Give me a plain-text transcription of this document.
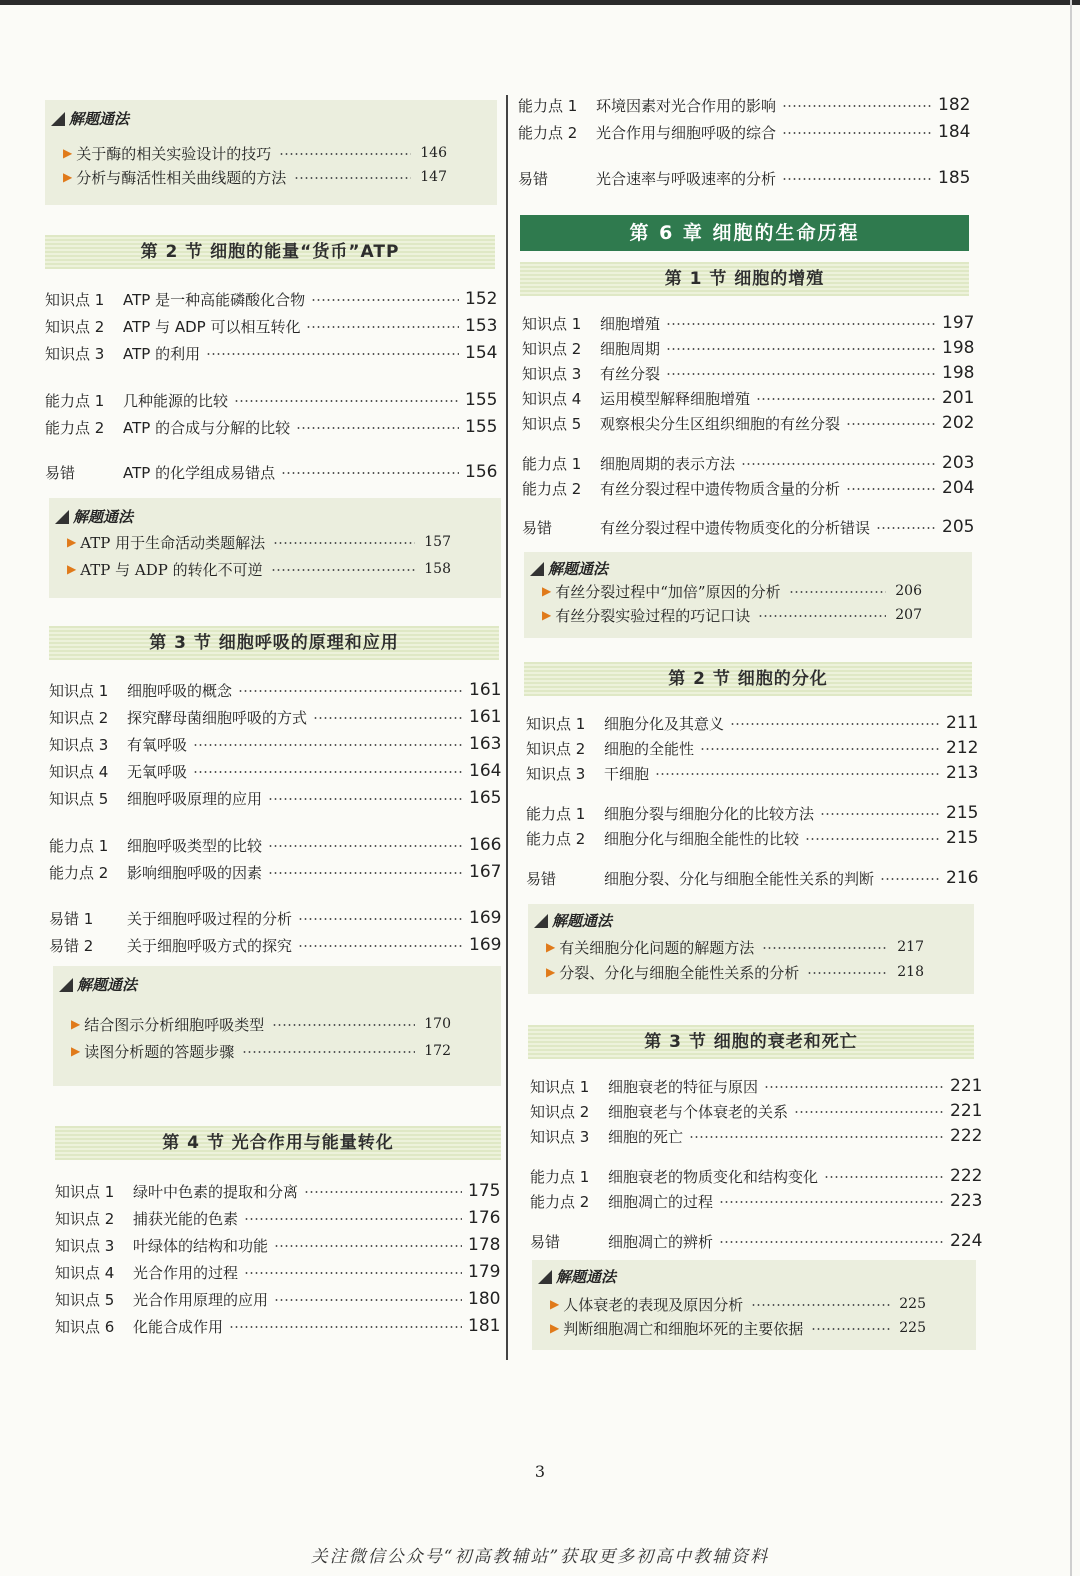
解题通法
▶ 关于酶的相关实验设计的技巧	146
▶ 分析与酶活性相关曲线题的方法	147
第 2 节 细胞的能量“货币”ATP
知识点 1	ATP 是一种高能磷酸化合物	152
知识点 2	ATP 与 ADP 可以相互转化	153
知识点 3	ATP 的利用	154
能力点 1	几种能源的比较	155
能力点 2	ATP 的合成与分解的比较	155
易错	ATP 的化学组成易错点	156
解题通法
▶ ATP 用于生命活动类题解法	157
▶ ATP 与 ADP 的转化不可逆	158
第 3 节 细胞呼吸的原理和应用
知识点 1	细胞呼吸的概念	161
知识点 2	探究酵母菌细胞呼吸的方式	161
知识点 3	有氧呼吸	163
知识点 4	无氧呼吸	164
知识点 5	细胞呼吸原理的应用	165
能力点 1	细胞呼吸类型的比较	166
能力点 2	影响细胞呼吸的因素	167
易错 1	关于细胞呼吸过程的分析	169
易错 2	关于细胞呼吸方式的探究	169
解题通法
▶ 结合图示分析细胞呼吸类型	170
▶ 读图分析题的答题步骤	172
第 4 节 光合作用与能量转化
知识点 1	绿叶中色素的提取和分离	175
知识点 2	捕获光能的色素	176
知识点 3	叶绿体的结构和功能	178
知识点 4	光合作用的过程	179
知识点 5	光合作用原理的应用	180
知识点 6	化能合成作用	181
能力点 1	环境因素对光合作用的影响	182
能力点 2	光合作用与细胞呼吸的综合	184
易错	光合速率与呼吸速率的分析	185
第 6 章 细胞的生命历程
第 1 节 细胞的增殖
知识点 1	细胞增殖	197
知识点 2	细胞周期	198
知识点 3	有丝分裂	198
知识点 4	运用模型解释细胞增殖	201
知识点 5	观察根尖分生区组织细胞的有丝分裂	202
能力点 1	细胞周期的表示方法	203
能力点 2	有丝分裂过程中遗传物质含量的分析	204
易错	有丝分裂过程中遗传物质变化的分析错误	205
解题通法
▶ 有丝分裂过程中“加倍”原因的分析	206
▶ 有丝分裂实验过程的巧记口诀	207
第 2 节 细胞的分化
知识点 1	细胞分化及其意义	211
知识点 2	细胞的全能性	212
知识点 3	干细胞	213
能力点 1	细胞分裂与细胞分化的比较方法	215
能力点 2	细胞分化与细胞全能性的比较	215
易错	细胞分裂、分化与细胞全能性关系的判断	216
解题通法
▶ 有关细胞分化问题的解题方法	217
▶ 分裂、分化与细胞全能性关系的分析	218
第 3 节 细胞的衰老和死亡
知识点 1	细胞衰老的特征与原因	221
知识点 2	细胞衰老与个体衰老的关系	221
知识点 3	细胞的死亡	222
能力点 1	细胞衰老的物质变化和结构变化	222
能力点 2	细胞凋亡的过程	223
易错	细胞凋亡的辨析	224
解题通法
▶ 人体衰老的表现及原因分析	225
▶ 判断细胞凋亡和细胞坏死的主要依据	225
3
关注微信公众号“初高教辅站”获取更多初高中教辅资料
